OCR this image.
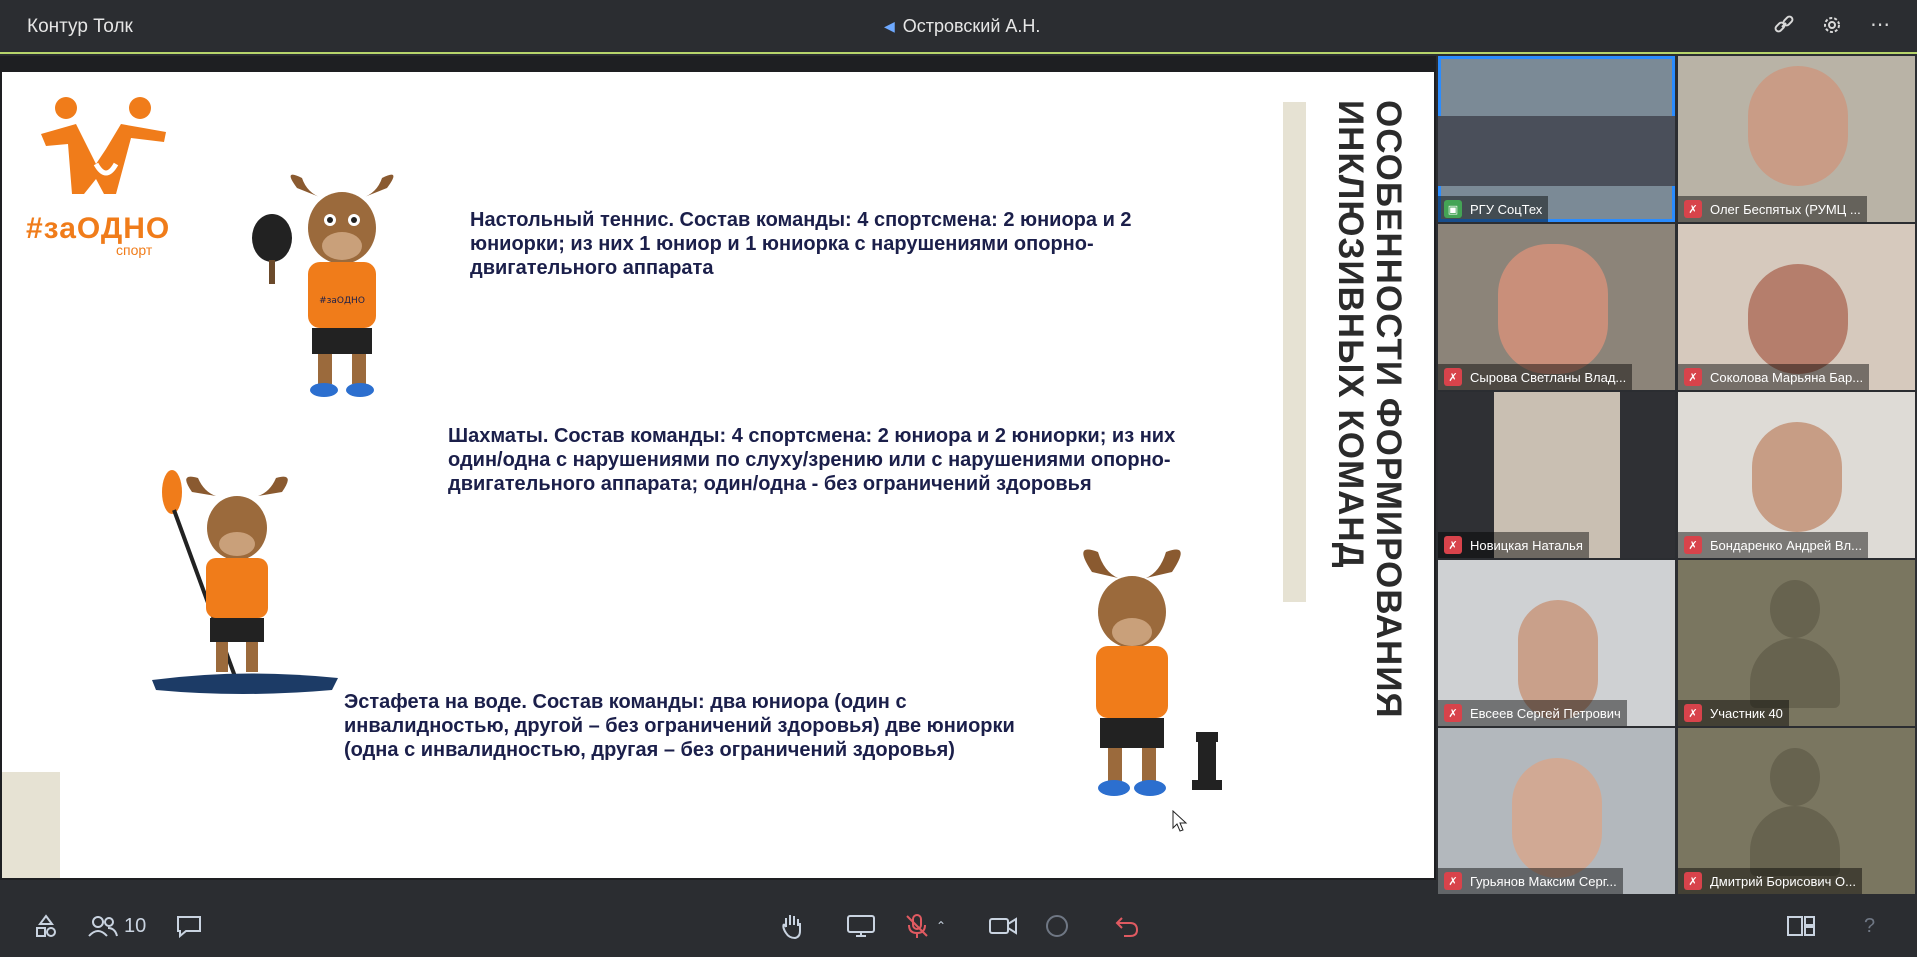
Контур Толк	◀ Островский А.Н.	⋯
#заОДНО
спорт
#заОДНО
Настольный теннис. Состав команды: 4 спортсмена: 2 юниора и 2 юниорки; из них 1 юниор и 1 юниорка с нарушениями опорно-двигательного аппарата
Шахматы. Состав команды: 4 спортсмена: 2 юниора и 2 юниорки; из них один/одна с нарушениями по слуху/зрению или с нарушениями опорно-двигательного аппарата; один/одна - без ограничений здоровья
Эстафета на воде. Состав команды: два юниора (один с инвалидностью, другой – без ограничений здоровья) две юниорки (одна с инвалидностью, другая – без ограничений здоровья)
ОСОБЕННОСТИ ФОРМИРОВАНИЯ ИНКЛЮЗИВНЫХ КОМАНД	▣ РГУ СоцТех	✗ Олег Беспятых (РУМЦ ...
✗ Сырова Светланы Влад...	✗ Соколова Марьяна Бар...
✗ Новицкая Наталья	✗ Бондаренко Андрей Вл...
✗ Евсеев Сергей Петрович	✗ Участник 40
✗ Гурьянов Максим Серг...	✗ Дмитрий Борисович О...
10	⌃	?
